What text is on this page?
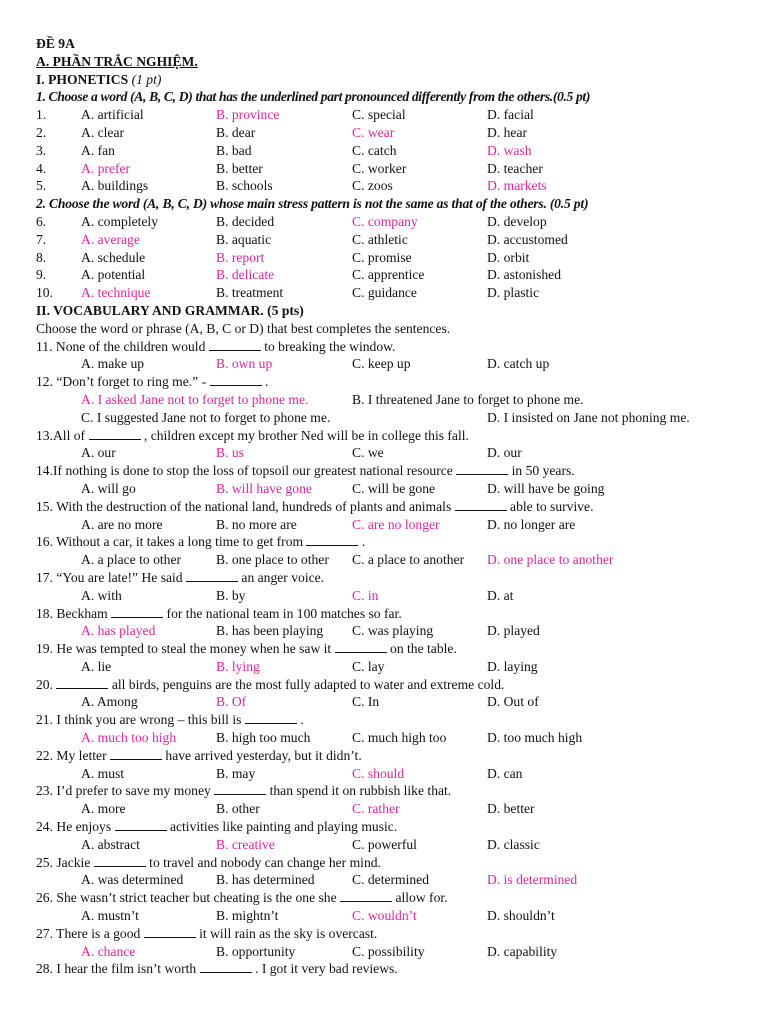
ĐỀ 9A
A. PHẦN TRẮC NGHIỆM.
I. PHONETICS (1 pt)
1. Choose a word (A, B, C, D) that has the underlined part pronounced differently from the others.(0.5 pt)
1.	A. artificial	B. province	C. special	D. facial
2.	A. clear	B. dear	C. wear	D. hear
3.	A. fan	B. bad	C. catch	D. wash
4.	A. prefer	B. better	C. worker	D. teacher
5.	A. buildings	B. schools	C. zoos	D. markets
2. Choose the word (A, B, C, D) whose main stress pattern is not the same as that of the others. (0.5 pt)
6.	A. completely	B. decided	C. company	D. develop
7.	A. average	B. aquatic	C. athletic	D. accustomed
8.	A. schedule	B. report	C. promise	D. orbit
9.	A. potential	B. delicate	C. apprentice	D. astonished
10. A. technique	B. treatment	C. guidance	D. plastic
II. VOCABULARY AND GRAMMAR. (5 pts)
Choose the word or phrase (A, B, C or D) that best completes the sentences.
11. None of the children would	to breaking the window.
A. make up	B. own up	C. keep up	D. catch up
12. “Don’t forget to ring me.” -	.
A. I asked Jane not to forget to phone me.	B. I threatened Jane to forget to phone me.
C. I suggested Jane not to forget to phone me.	D. I insisted on Jane not phoning me.
13.All of	, children except my brother Ned will be in college this fall.
A. our	B. us	C. we	D. our
14.If nothing is done to stop the loss of topsoil our greatest national resource	in 50 years.
A. will go	B. will have gone	C. will be gone	D. will have be going
15. With the destruction of the national land, hundreds of plants and animals	able to survive.
A. are no more	B. no more are	C. are no longer	D. no longer are
16. Without a car, it takes a long time to get from	.
A. a place to other	B. one place to other C. a place to another D. one place to another
17. “You are late!” He said	an anger voice.
A. with	B. by	C. in	D. at
18. Beckham	for the national team in 100 matches so far.
A. has played	B. has been playing C. was playing	D. played
19. He was tempted to steal the money when he saw it	on the table.
A. lie	B. lying	C. lay	D. laying
20.	all birds, penguins are the most fully adapted to water and extreme cold.
A. Among	B. Of	C. In	D. Out of
21. I think you are wrong – this bill is	.
A. much too high	B. high too much	C. much high too	D. too much high
22. My letter	have arrived yesterday, but it didn’t.
A. must	B. may	C. should	D. can
23. I’d prefer to save my money	than spend it on rubbish like that.
A. more	B. other	C. rather	D. better
24. He enjoys	activities like painting and playing music.
A. abstract	B. creative	C. powerful	D. classic
25. Jackie	to travel and nobody can change her mind.
A. was determined B. has determined	C. determined	D. is determined
26. She wasn’t strict teacher but cheating is the one she	allow for.
A. mustn’t	B. mightn’t	C. wouldn’t	D. shouldn’t
27. There is a good	it will rain as the sky is overcast.
A. chance	B. opportunity	C. possibility	D. capability
28. I hear the film isn’t worth	. I got it very bad reviews.
